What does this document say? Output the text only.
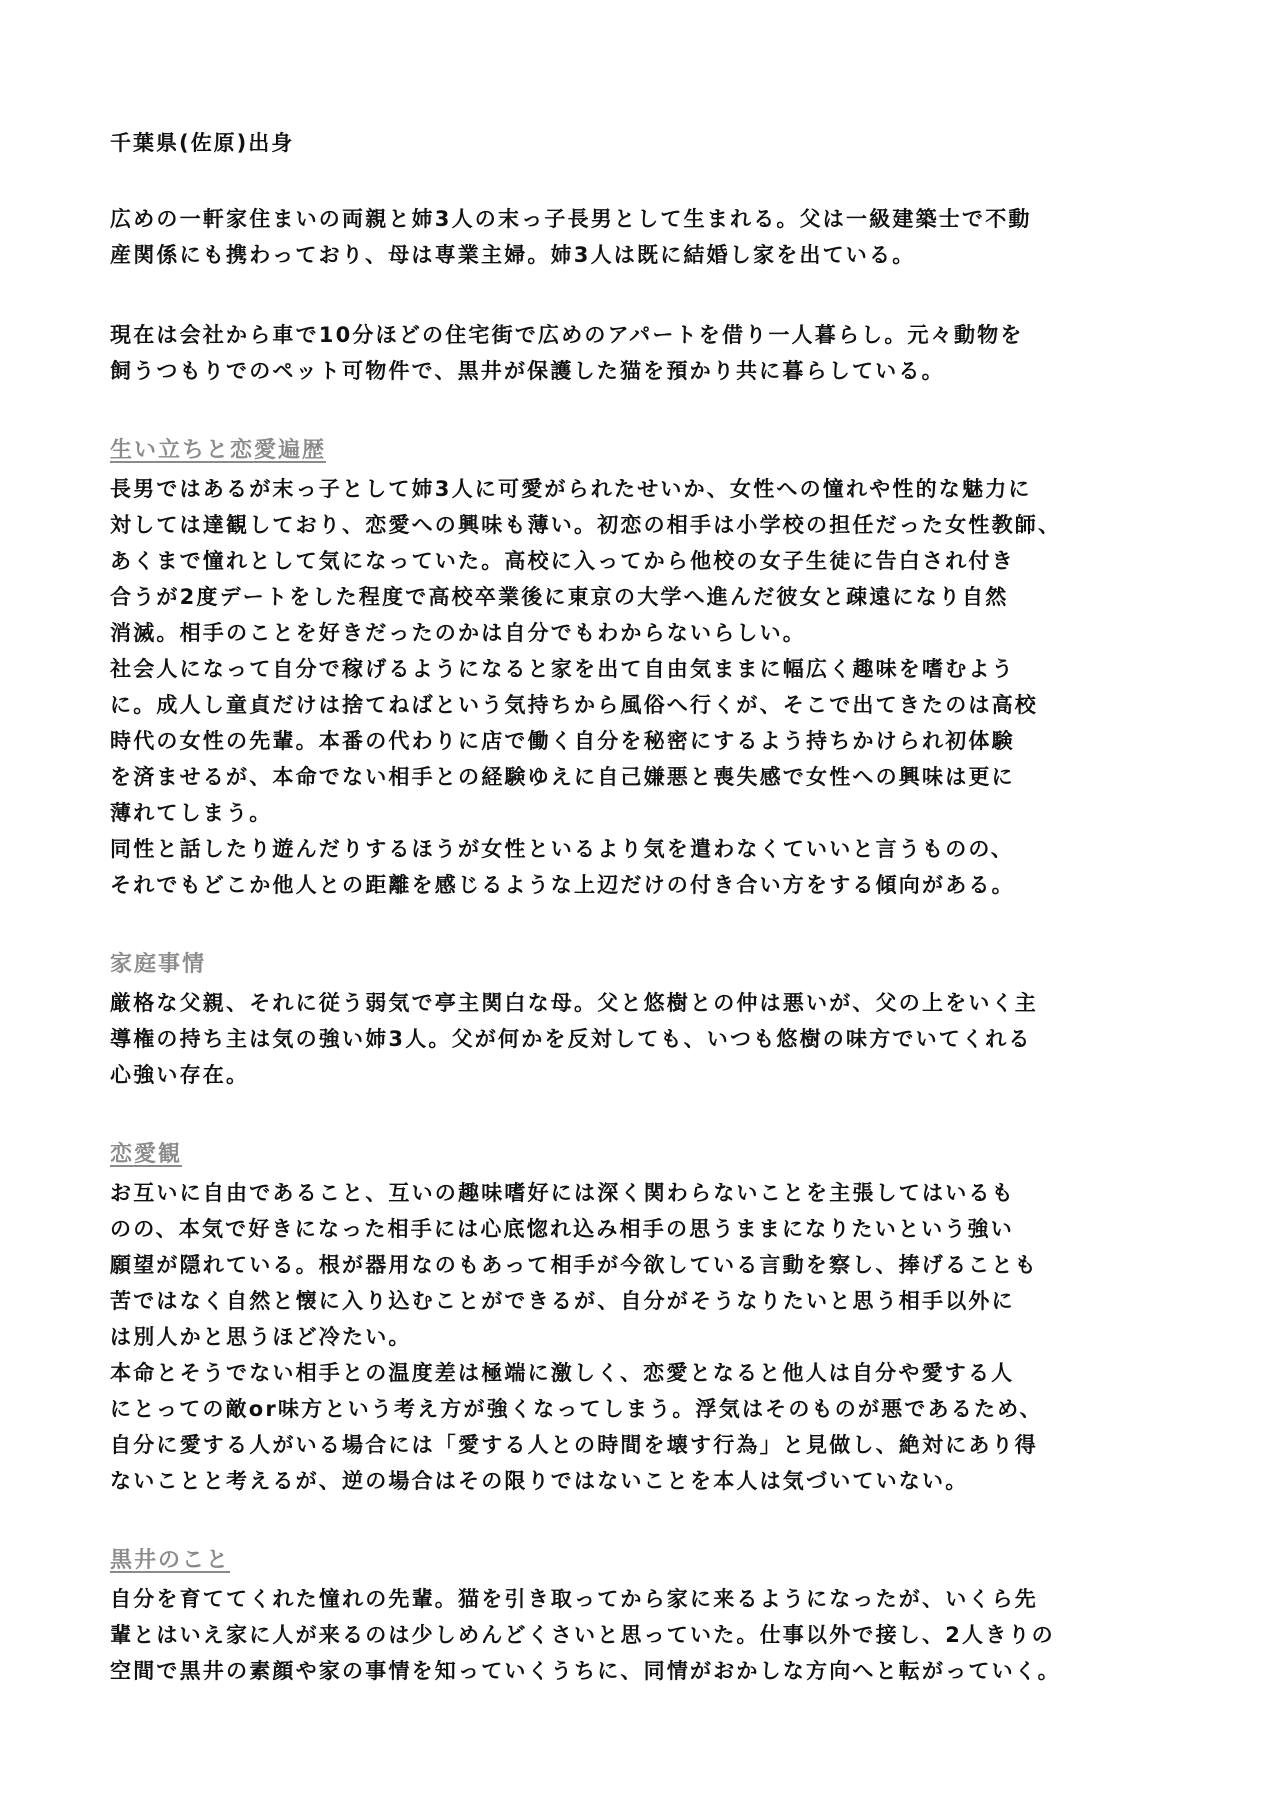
千葉県(佐原)出身

広めの一軒家住まいの両親と姉3人の末っ子長男として生まれる。父は一級建築士で不動

産関係にも携わっており、母は専業主婦。姉3人は既に結婚し家を出ている。

現在は会社から車で10分ほどの住宅街で広めのアパートを借り一人暮らし。元々動物を

飼うつもりでのペット可物件で、黒井が保護した猫を預かり共に暮らしている。

生い立ちと恋愛遍歴

長男ではあるが末っ子として姉3人に可愛がられたせいか、女性への憧れや性的な魅力に

対しては達観しており、恋愛への興味も薄い。初恋の相手は小学校の担任だった女性教師、

あくまで憧れとして気になっていた。高校に入ってから他校の女子生徒に告白され付き

合うが2度デートをした程度で高校卒業後に東京の大学へ進んだ彼女と疎遠になり自然

消滅。相手のことを好きだったのかは自分でもわからないらしい。

社会人になって自分で稼げるようになると家を出て自由気ままに幅広く趣味を嗜むよう

に。成人し童貞だけは捨てねばという気持ちから風俗へ行くが、そこで出てきたのは高校

時代の女性の先輩。本番の代わりに店で働く自分を秘密にするよう持ちかけられ初体験

を済ませるが、本命でない相手との経験ゆえに自己嫌悪と喪失感で女性への興味は更に

薄れてしまう。

同性と話したり遊んだりするほうが女性といるより気を遣わなくていいと言うものの、

それでもどこか他人との距離を感じるような上辺だけの付き合い方をする傾向がある。

家庭事情

厳格な父親、それに従う弱気で亭主関白な母。父と悠樹との仲は悪いが、父の上をいく主

導権の持ち主は気の強い姉3人。父が何かを反対しても、いつも悠樹の味方でいてくれる

心強い存在。

恋愛観

お互いに自由であること、互いの趣味嗜好には深く関わらないことを主張してはいるも

のの、本気で好きになった相手には心底惚れ込み相手の思うままになりたいという強い

願望が隠れている。根が器用なのもあって相手が今欲している言動を察し、捧げることも

苦ではなく自然と懐に入り込むことができるが、自分がそうなりたいと思う相手以外に

は別人かと思うほど冷たい。

本命とそうでない相手との温度差は極端に激しく、恋愛となると他人は自分や愛する人

にとっての敵or味方という考え方が強くなってしまう。浮気はそのものが悪であるため、

自分に愛する人がいる場合には「愛する人との時間を壊す行為」と見做し、絶対にあり得

ないことと考えるが、逆の場合はその限りではないことを本人は気づいていない。

黒井のこと

自分を育ててくれた憧れの先輩。猫を引き取ってから家に来るようになったが、いくら先

輩とはいえ家に人が来るのは少しめんどくさいと思っていた。仕事以外で接し、2人きりの

空間で黒井の素顔や家の事情を知っていくうちに、同情がおかしな方向へと転がっていく。
